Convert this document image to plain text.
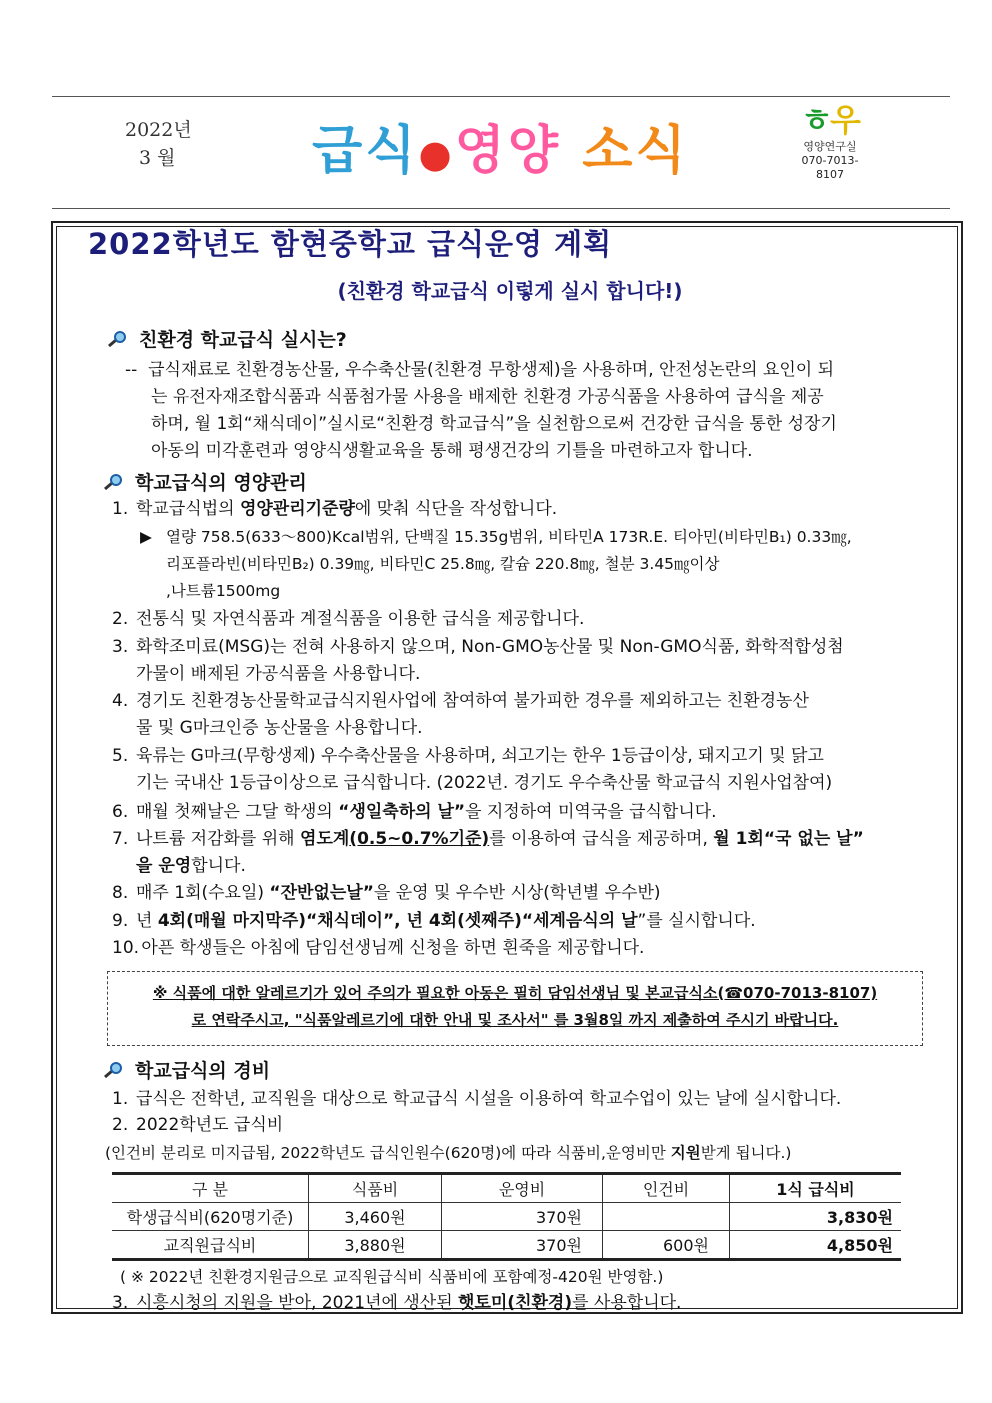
2022년
3 월	급식●영양 소식
ㅎ우
영양연구실
070-7013-8107
2022학년도 함현중학교 급식운영 계획
(친환경 학교급식 이렇게 실시 합니다!)
친환경 학교급식 실시는?
-- 급식재료로 친환경농산물, 우수축산물(친환경 무항생제)을 사용하며, 안전성논란의 요인이 되
는 유전자재조합식품과 식품첨가물 사용을 배제한 친환경 가공식품을 사용하여 급식을 제공
하며, 월 1회“채식데이”실시로“친환경 학교급식”을 실천함으로써 건강한 급식을 통한 성장기
아동의 미각훈련과 영양식생활교육을 통해 평생건강의 기틀을 마련하고자 합니다.
학교급식의 영양관리
1. 학교급식법의 영양관리기준량에 맞춰 식단을 작성합니다.
▶ 열량 758.5(633～800)Kcal범위, 단백질 15.35g범위, 비타민A 173R.E. 티아민(비타민B₁) 0.33㎎,
리포플라빈(비타민B₂) 0.39㎎, 비타민C 25.8㎎, 칼슘 220.8㎎, 철분 3.45㎎이상
,나트륨1500mg
2. 전통식 및 자연식품과 계절식품을 이용한 급식을 제공합니다.
3. 화학조미료(MSG)는 전혀 사용하지 않으며, Non-GMO농산물 및 Non-GMO식품, 화학적합성첨
가물이 배제된 가공식품을 사용합니다.
4. 경기도 친환경농산물학교급식지원사업에 참여하여 불가피한 경우를 제외하고는 친환경농산
물 및 G마크인증 농산물을 사용합니다.
5. 육류는 G마크(무항생제) 우수축산물을 사용하며, 쇠고기는 한우 1등급이상, 돼지고기 및 닭고
기는 국내산 1등급이상으로 급식합니다. (2022년. 경기도 우수축산물 학교급식 지원사업참여)
6. 매월 첫째날은 그달 학생의 “생일축하의 날”을 지정하여 미역국을 급식합니다.
7. 나트륨 저감화를 위해 염도계(0.5~0.7%기준)를 이용하여 급식을 제공하며, 월 1회“국 없는 날”
을 운영합니다.
8. 매주 1회(수요일) “잔반없는날”을 운영 및 우수반 시상(학년별 우수반)
9. 년 4회(매월 마지막주)“채식데이”, 년 4회(셋째주)“세계음식의 날”를 실시합니다.
10. 아픈 학생들은 아침에 담임선생님께 신청을 하면 흰죽을 제공합니다.
※ 식품에 대한 알레르기가 있어 주의가 필요한 아동은 필히 담임선생님 및 본교급식소(☎070-7013-8107)
로 연락주시고, "식품알레르기에 대한 안내 및 조사서" 를 3월8일 까지 제출하여 주시기 바랍니다.
학교급식의 경비
1. 급식은 전학년, 교직원을 대상으로 학교급식 시설을 이용하여 학교수업이 있는 날에 실시합니다.
2. 2022학년도 급식비
(인건비 분리로 미지급됨, 2022학년도 급식인원수(620명)에 따라 식품비,운영비만 지원받게 됩니다.)
구 분	식품비	운영비	인건비	1식 급식비
학생급식비(620명기준)	3,460원	370원		3,830원
교직원급식비	3,880원	370원	600원	4,850원
( ※ 2022년 친환경지원금으로 교직원급식비 식품비에 포함예정-420원 반영함.)
3. 시흥시청의 지원을 받아, 2021년에 생산된 햇토미(친환경)를 사용합니다.
